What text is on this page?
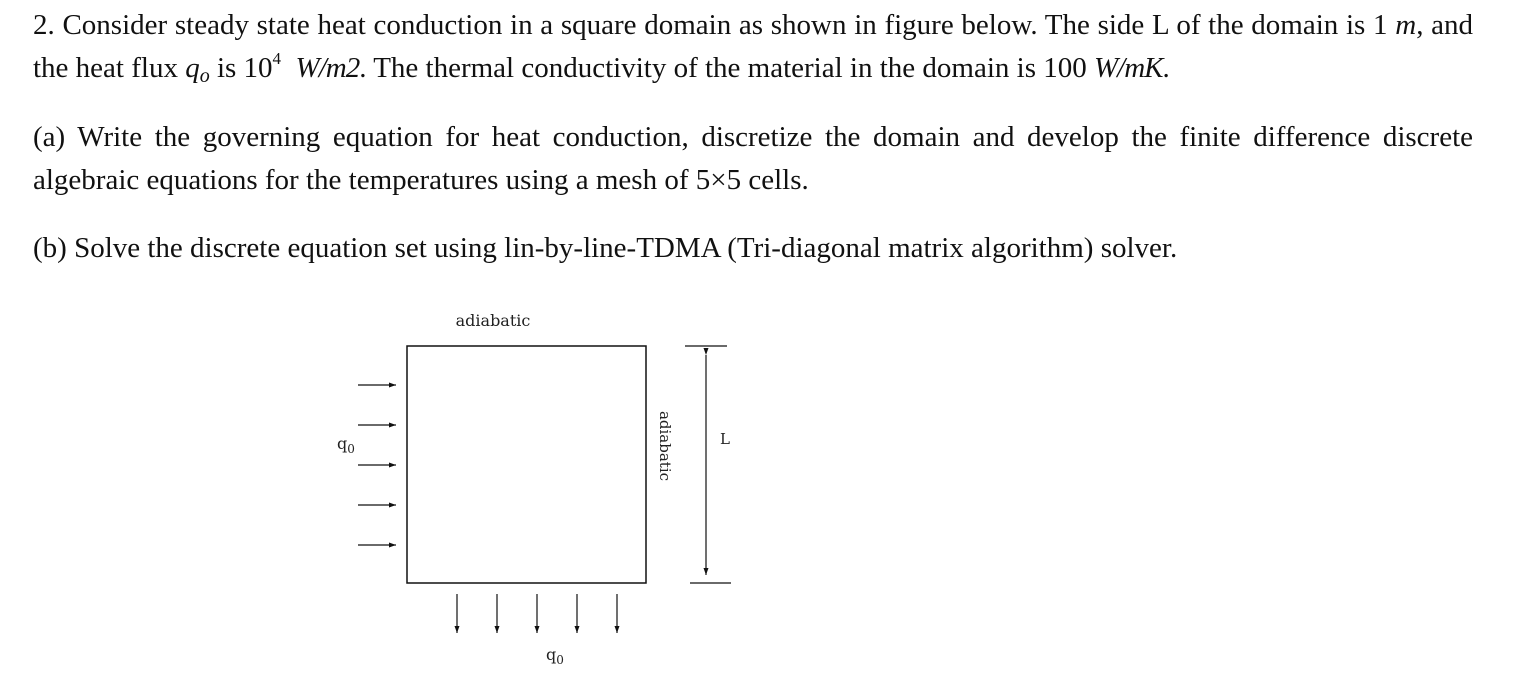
2. Consider steady state heat conduction in a square domain as shown in figure below. The side L of the domain is 1 m, and the heat flux $q_o$ is $10^4$ W/m2. The thermal conductivity of the material in the domain is 100 W/mK.

(a) Write the governing equation for heat conduction, discretize the domain and develop the finite difference discrete algebraic equations for the temperatures using a mesh of 5×5 cells.

(b) Solve the discrete equation set using lin-by-line-TDMA (Tri-diagonal matrix algorithm) solver.

adiabatic
adiabatic
$q_0$
$q_0$
L
